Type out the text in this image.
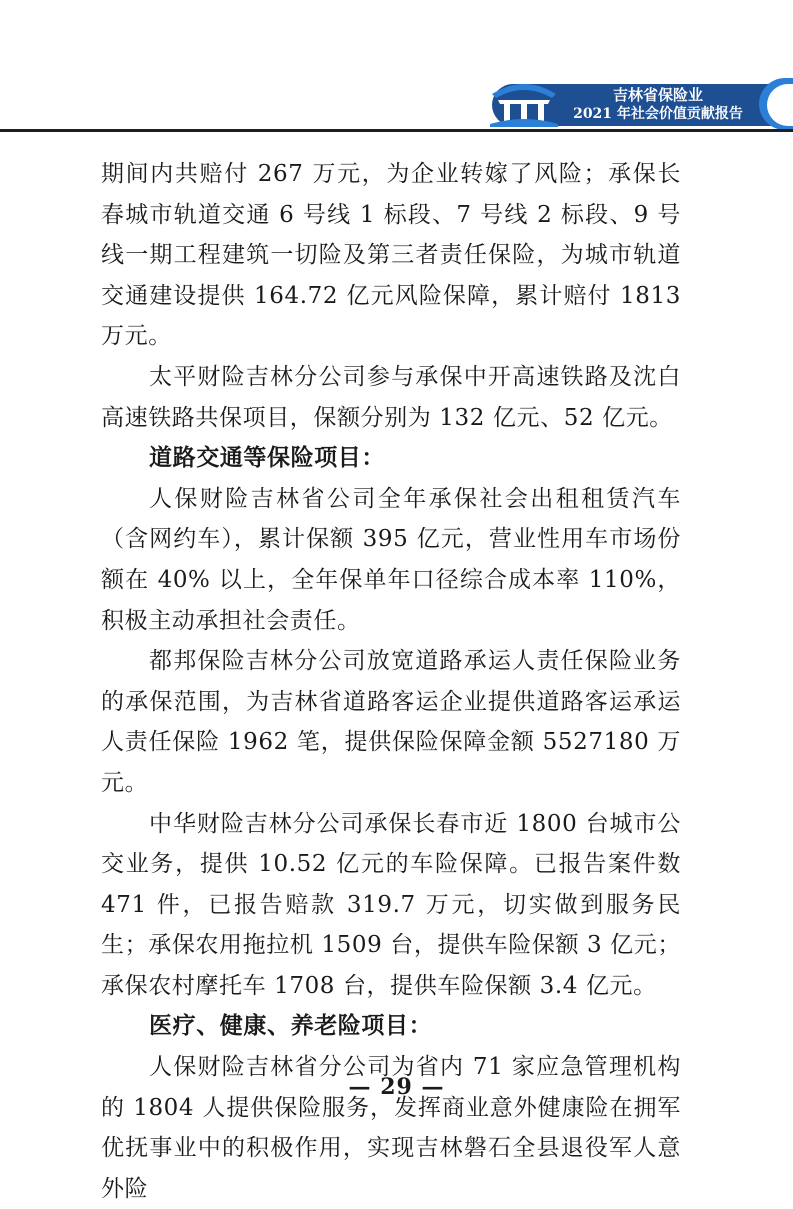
吉林省保险业
2021 年社会价值贡献报告

期间内共赔付 267 万元，为企业转嫁了风险；承保长春城市轨道交通 6 号线 1 标段、7 号线 2 标段、9 号线一期工程建筑一切险及第三者责任保险，为城市轨道交通建设提供 164.72 亿元风险保障，累计赔付 1813 万元。

太平财险吉林分公司参与承保中开高速铁路及沈白高速铁路共保项目，保额分别为 132 亿元、52 亿元。

道路交通等保险项目：

人保财险吉林省公司全年承保社会出租租赁汽车（含网约车），累计保额 395 亿元，营业性用车市场份额在 40% 以上，全年保单年口径综合成本率 110%，积极主动承担社会责任。

都邦保险吉林分公司放宽道路承运人责任保险业务的承保范围，为吉林省道路客运企业提供道路客运承运人责任保险 1962 笔，提供保险保障金额 5527180 万元。

中华财险吉林分公司承保长春市近 1800 台城市公交业务，提供 10.52 亿元的车险保障。已报告案件数 471 件，已报告赔款 319.7 万元，切实做到服务民生；承保农用拖拉机 1509 台，提供车险保额 3 亿元；承保农村摩托车 1708 台，提供车险保额 3.4 亿元。

医疗、健康、养老险项目：

人保财险吉林省分公司为省内 71 家应急管理机构的 1804 人提供保险服务，发挥商业意外健康险在拥军优抚事业中的积极作用，实现吉林磐石全县退役军人意外险

— 29 —
